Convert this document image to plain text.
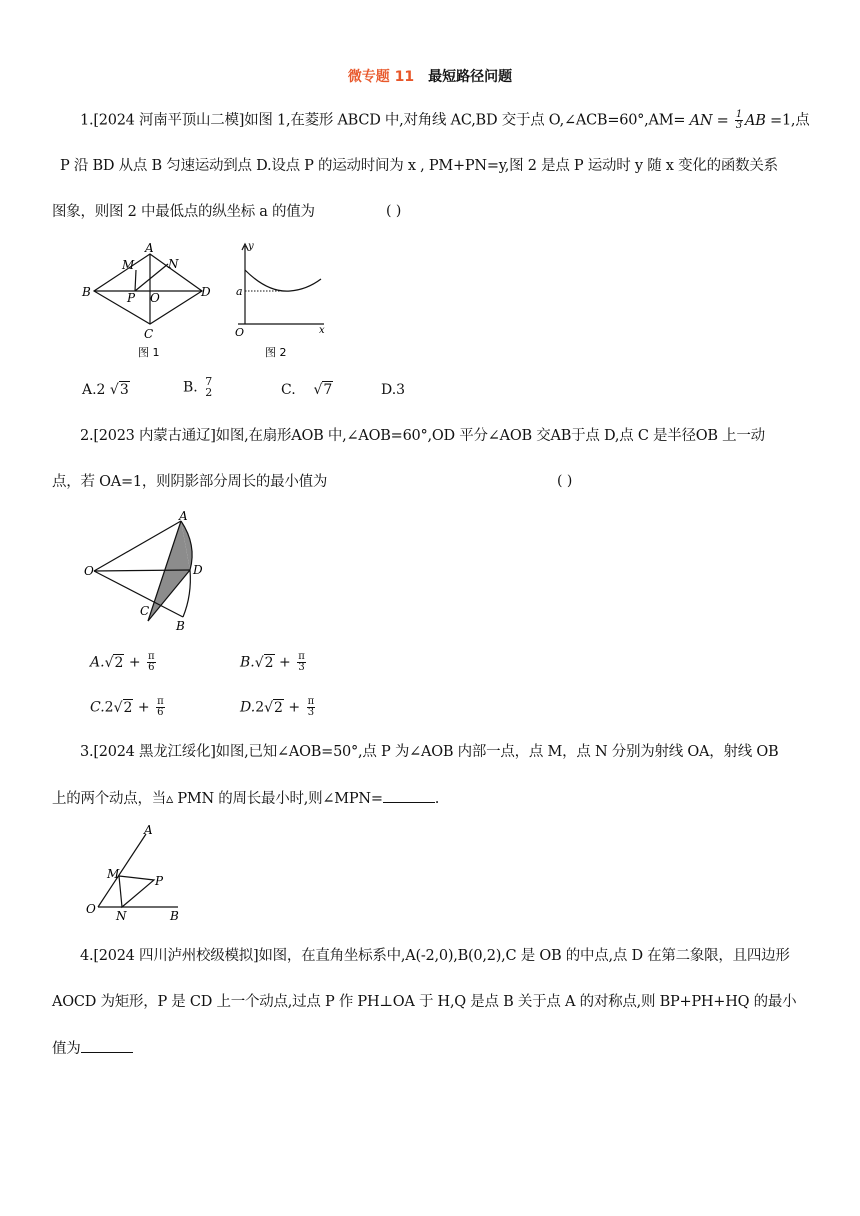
微专题 11 最短路径问题
1.[2024 河南平顶山二模]如图 1,在菱形 ABCD 中,对角线 AC,BD 交于点 O,∠ACB=60°,AM= AN = $\frac{1}{3}$ AB =1,点
P 沿 BD 从点 B 匀速运动到点 D.设点 P 的运动时间为 x , PM+PN=y,图 2 是点 P 运动时 y 随 x 变化的函数关系
图象，则图 2 中最低点的纵坐标 a 的值为	( )
M
A
N
B	P O	D
C
图 1
y
a
O	x
图 2
A.2 √3	B. 7
2	C. √7	D.3
2.[2023 内蒙古通辽]如图,在扇形AOB 中,∠AOB=60°,OD 平分∠AOB 交AB于点 D,点 C 是半径OB 上一动
点，若 OA=1，则阴影部分周长的最小值为	( )
A
O	D
C
B
$A.√2 + \frac{\pi}{6}$	$B.√2 + \frac{\pi}{3}$
$C.2√2 + \frac{\pi}{6}$	$D.2√2 + \frac{\pi}{3}$
3.[2024 黑龙江绥化]如图,已知∠AOB=50°,点 P 为∠AOB 内部一点，点 M，点 N 分别为射线 OA，射线 OB
上的两个动点，当▵ PMN 的周长最小时,则∠MPN=	.
A
M	P
O N	B
4.[2024 四川泸州校级模拟]如图，在直角坐标系中,A(-2,0),B(0,2),C 是 OB 的中点,点 D 在第二象限，且四边形
AOCD 为矩形，P 是 CD 上一个动点,过点 P 作 PH⊥OA 于 H,Q 是点 B 关于点 A 的对称点,则 BP+PH+HQ 的最小
值为
